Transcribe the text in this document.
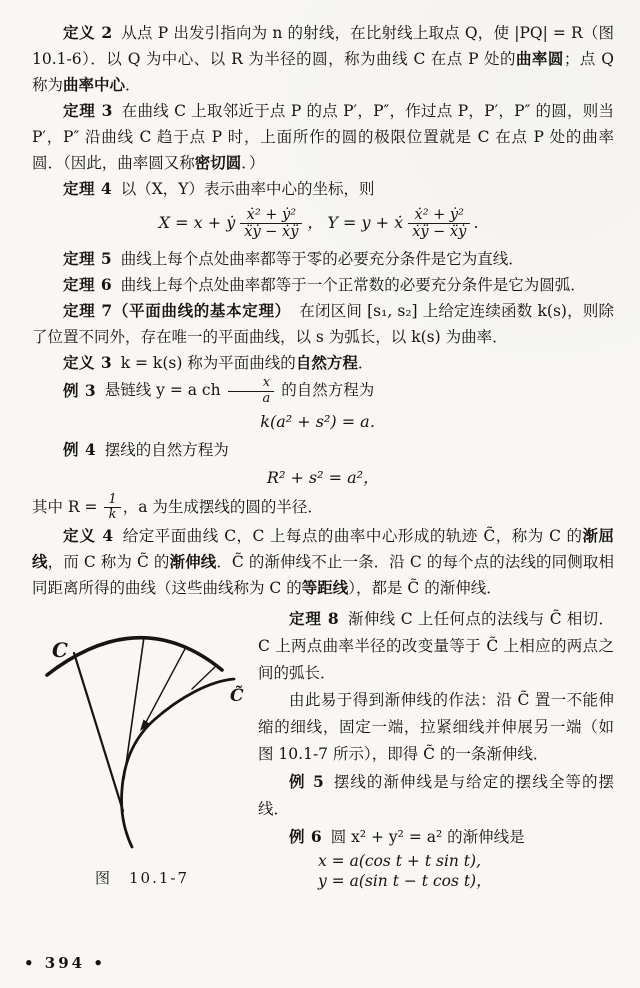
定义 2 从点 P 出发引指向为 n 的射线，在比射线上取点 Q，使 |PQ| = R（图 10.1-6）．以 Q 为中心、以 R 为半径的圆，称为曲线 C 在点 P 处的曲率圆；点 Q 称为曲率中心．

定理 3 在曲线 C 上取邻近于点 P 的点 P′，P″，作过点 P，P′，P″ 的圆，则当 P′，P″ 沿曲线 C 趋于点 P 时，上面所作的圆的极限位置就是 C 在点 P 处的曲率圆．（因此，曲率圆又称密切圆．）

定理 4 以（X，Y）表示曲率中心的坐标，则

X = x + ẏ $\frac{\text{ẋ² + ẏ²}}{\text{ẍẏ − ẋÿ}}$ ， Y = y + ẋ $\frac{\text{ẋ² + ẏ²}}{\text{ẋÿ − ẍẏ}}$ ．

定理 5 曲线上每个点处曲率都等于零的必要充分条件是它为直线．

定理 6 曲线上每个点处曲率都等于一个正常数的必要充分条件是它为圆弧．

定理 7（平面曲线的基本定理） 在闭区间 [s₁, s₂] 上给定连续函数 k(s)，则除了位置不同外，存在唯一的平面曲线，以 s 为弧长，以 k(s) 为曲率．

定义 3 k = k(s) 称为平面曲线的自然方程．

例 3 悬链线 y = a ch $\frac{x}{a}$ 的自然方程为

k(a² + s²) = a．

例 4 摆线的自然方程为

R² + s² = a²，

其中 $R = \frac{1}{k}$ ，a 为生成摆线的圆的半径．

定义 4 给定平面曲线 C，C 上每点的曲率中心形成的轨迹 C̃，称为 C 的渐屈线，而 C 称为 C̃ 的渐伸线．C̃ 的渐伸线不止一条．沿 C 的每个点的法线的同侧取相同距离所得的曲线（这些曲线称为 C 的等距线），都是 C̃ 的渐伸线．

C
C̃
图　10.1-7

定理 8 渐伸线 C 上任何点的法线与 C̃ 相切．C 上两点曲率半径的改变量等于 C̃ 上相应的两点之间的弧长．

由此易于得到渐伸线的作法：沿 C̃ 置一不能伸缩的细线，固定一端，拉紧细线并伸展另一端（如图 10.1-7 所示），即得 C̃ 的一条渐伸线．

例 5 摆线的渐伸线是与给定的摆线全等的摆线．

例 6 圆 x² + y² = a² 的渐伸线是

x = a(cos t + t sin t),
y = a(sin t − t cos t)，
• 394 •
